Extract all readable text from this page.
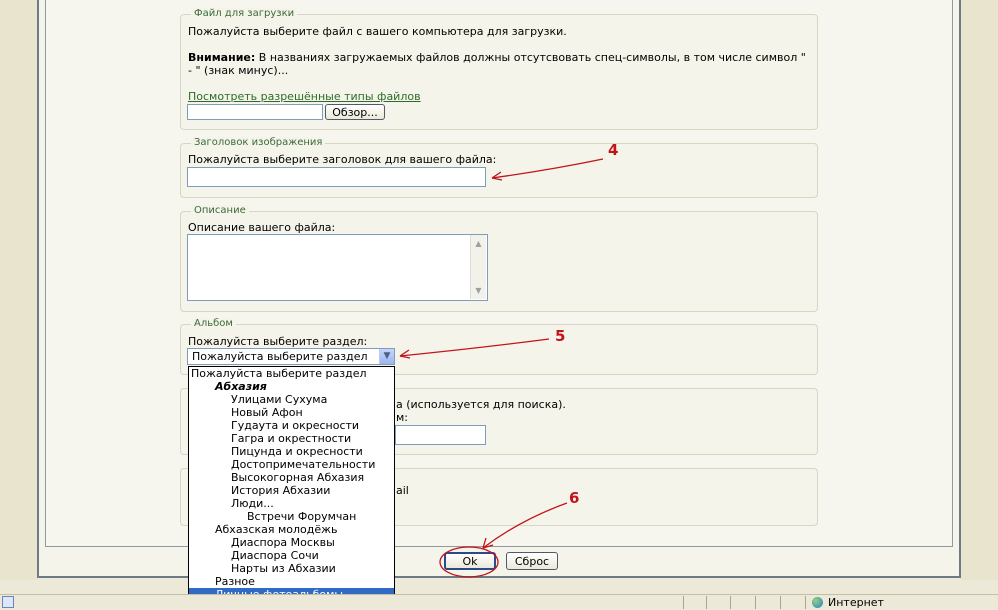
Файл для загрузки
Пожалуйста выберите файл с вашего компьютера для загрузки.
Внимание: В названиях загружаемых файлов должны отсутсвовать спец-символы, в том числе символ "
- " (знак минус)...
Посмотреть разрешённые типы файлов
Обзор...
Заголовок изображения
Пожалуйста выберите заголовок для вашего файла:
Описание
Описание вашего файла:
▲
▼
Альбом
Пожалуйста выберите раздел:
Пожалуйста выберите раздел	▼
а (используется для поиска).
м:
ail
Ok	Сброс
Пожалуйста выберите раздел
Абхазия
Улицами Сухума
Новый Афон
Гудаута и окресности
Гагра и окрестности
Пицунда и окресности
Достопримечательности
Высокогорная Абхазия
История Абхазии
Люди...
Встречи Форумчан
Абхазская молодёжь
Диаспора Москвы
Диаспора Сочи
Нарты из Абхазии
Разное
Интернет
4
5
6
